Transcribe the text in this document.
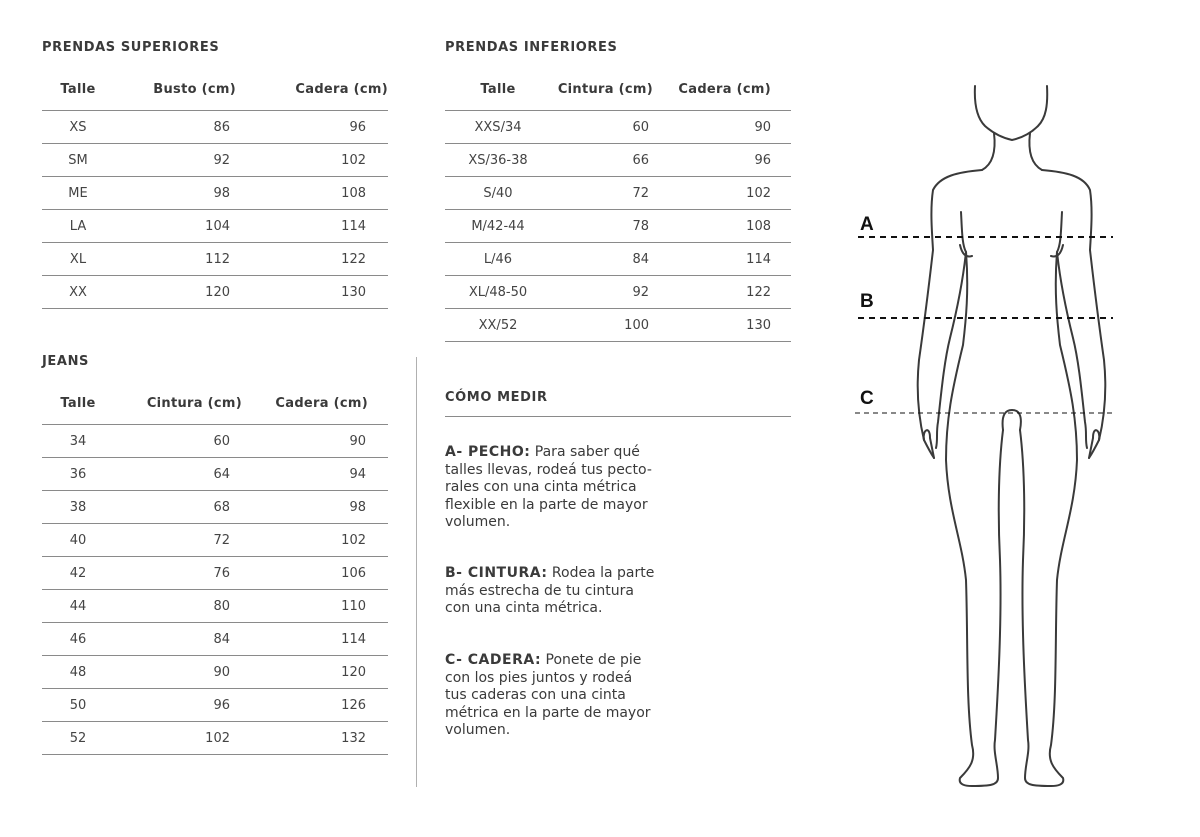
PRENDAS SUPERIORES
Talle	Busto (cm)	Cadera (cm)
XS	86	96
SM	92	102
ME	98	108
LA	104	114
XL	112	122
XX	120	130
PRENDAS INFERIORES
Talle	Cintura (cm)	Cadera (cm)
XXS/34	60	90
XS/36-38	66	96
S/40	72	102
M/42-44	78	108
L/46	84	114
XL/48-50	92	122
XX/52	100	130
JEANS
Talle	Cintura (cm)	Cadera (cm)
34	60	90
36	64	94
38	68	98
40	72	102
42	76	106
44	80	110
46	84	114
48	90	120
50	96	126
52	102	132
CÓMO MEDIR
A- PECHO: Para saber qué
talles llevas, rodeá tus pecto-
rales con una cinta métrica
flexible en la parte de mayor
volumen.
B- CINTURA: Rodea la parte
más estrecha de tu cintura
con una cinta métrica.
C- CADERA: Ponete de pie
con los pies juntos y rodeá
tus caderas con una cinta
métrica en la parte de mayor
volumen.
A
B
C
